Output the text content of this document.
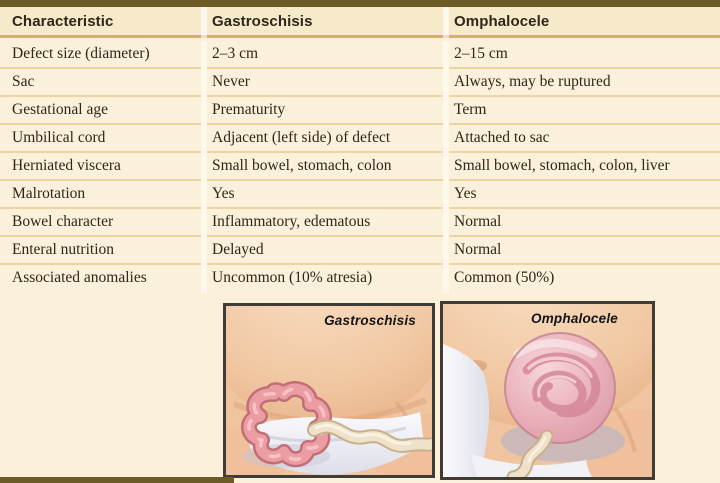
Characteristic	Gastroschisis	Omphalocele
Defect size (diameter)	2–3 cm	2–15 cm
Sac	Never	Always, may be ruptured
Gestational age	Prematurity	Term
Umbilical cord	Adjacent (left side) of defect	Attached to sac
Herniated viscera	Small bowel, stomach, colon	Small bowel, stomach, colon, liver
Malrotation	Yes	Yes
Bowel character	Inflammatory, edematous	Normal
Enteral nutrition	Delayed	Normal
Associated anomalies	Uncommon (10% atresia)	Common (50%)
Gastroschisis	Omphalocele
